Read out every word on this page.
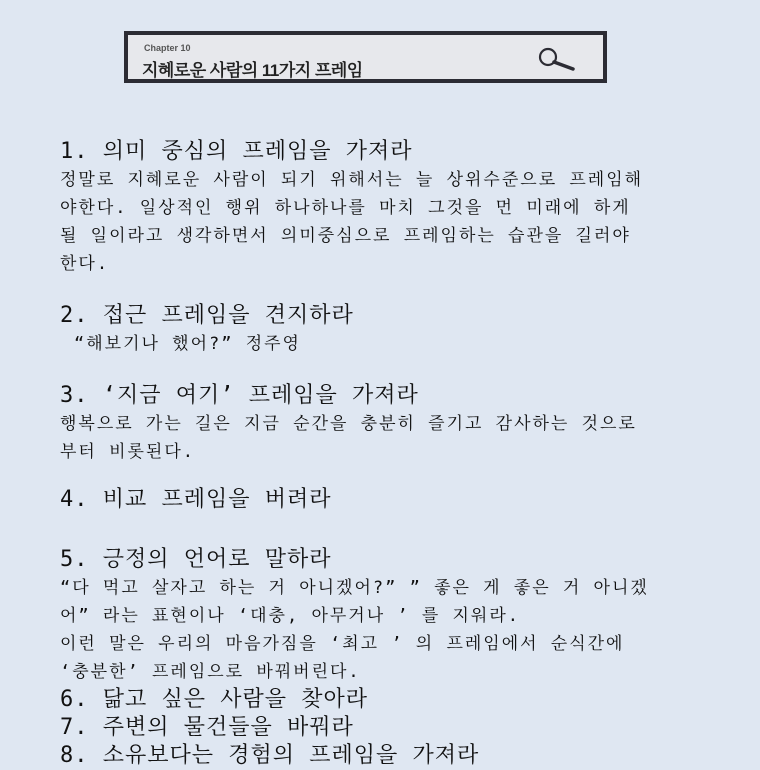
Chapter 10
지혜로운 사람의 11가지 프레임
1. 의미 중심의 프레임을 가져라
정말로 지혜로운 사람이 되기 위해서는 늘 상위수준으로 프레임해
야한다. 일상적인 행위 하나하나를 마치 그것을 먼 미래에 하게
될 일이라고 생각하면서 의미중심으로 프레임하는 습관을 길러야
한다.
2. 접근 프레임을 견지하라
“해보기나 했어?” 정주영
3. ‘지금 여기’ 프레임을 가져라
행복으로 가는 길은 지금 순간을 충분히 즐기고 감사하는 것으로
부터 비롯된다.
4. 비교 프레임을 버려라
5. 긍정의 언어로 말하라
“다 먹고 살자고 하는 거 아니겠어?” ” 좋은 게 좋은 거 아니겠
어” 라는 표현이나 ‘대충, 아무거나 ’ 를 지워라.
이런 말은 우리의 마음가짐을 ‘최고 ’ 의 프레임에서 순식간에
‘충분한’ 프레임으로 바꿔버린다.
6. 닮고 싶은 사람을 찾아라
7. 주변의 물건들을 바꿔라
8. 소유보다는 경험의 프레임을 가져라
